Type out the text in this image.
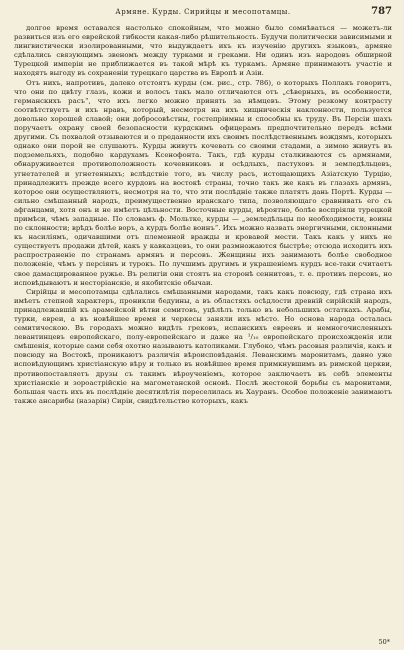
Армяне. Курды. Сирийцы и месопотамцы.	787

долгое время оставался настолько спокойным, что можно было сомнѣваться — можетъ-ли развиться изъ его еврейской гибкости какая-либо рѣшительность. Будучи политически зависимыми и лингвистически изолированными, что выдуждаетъ ихъ къ изученію другихъ языковъ, армяне сдѣлались связующимъ звеномъ между турками и греками. Ни одинъ изъ народовъ обширной Турецкой имперіи не приближается въ такой мѣрѣ къ туркамъ. Армяне принимаютъ участіе и находятъ выгоду въ сохраненіи турецкаго царства въ Европѣ и Азіи.

Отъ нихъ, напротивъ, далеко отстоятъ курды (см. рис., стр. 786), о которыхъ Поллакъ говоритъ, что они по цвѣту глазъ, кожи и волосъ такъ мало отличаются отъ „сѣверныхъ, въ особенности, германскихъ расъ“, что ихъ легко можно принять за нѣмцевъ. Этому резкому контрасту соотвѣтствуетъ и ихъ нравъ, который, несмотря на ихъ хищническія наклонности, пользуется довольно хорошей славой; они добросовѣстны, гостепріимны и способны къ труду. Въ Персіи шахъ поручаетъ охрану своей безопасности курдскимъ офицерамъ предпочтительно передъ всѣми другими. Съ похвалой отзываются и о преданности ихъ своимъ послѣдственнымъ вождямъ, которыхъ однако они порой не слушаютъ. Курды живутъ кочевать со своими стадами, а зимою живутъ въ подземельяхъ, подобно кардухамъ Ксенофонта. Такъ, гдѣ курды сталкиваются съ армянами, обнаруживается противоположность кочевниковъ и осѣдлыхъ, пастуховъ и земледѣльцевъ, угнетателей и угнетенныхъ; вслѣдствіе того, въ числу расъ, истощающихъ Азіатскую Турцію, принадлежитъ прежде всего курдовъ на востокѣ страны, точно такъ же какъ въ глазахъ армянъ, которое они осуществляютъ, несмотря на то, что эти послѣдніе также платятъ дань Портѣ. Курды — сильно смѣшанный народъ, преимущественно иранскаго типа, позволяющаго сравнивать его съ афганцами, хотя онъ и не имѣетъ цѣльности. Восточные курды, вѣроятно, болѣе воспріяли турецкой примѣси, чѣмъ западные. По словамъ ф. Мольтке, курды — „земледѣльцы по необходимости, воины по склонности; врѣдъ болѣе воръ, а курдъ болѣе воинъ“. Ихъ можно назвать энергичными, склонными къ насиліямъ, одичавшими отъ племенной вражды и кровавой мести. Такъ какъ у нихъ не существуетъ продажи дѣтей, какъ у кавказцевъ, то они размножаются быстрѣе; отсюда исходитъ ихъ распространеніе по странамъ армянъ и персовъ. Женщины ихъ занимаютъ болѣе свободное положеніе, чѣмъ у персіянъ и турокъ. По лучшимъ другимъ и украшеніемъ курдъ все-таки считаетъ свое дамасцированное ружье. Въ религіи они стоятъ на сторонѣ сеннитовъ, т. е. противъ персовъ, но исповѣдываютъ и несторіанскіе, и якобитскіе обычаи.

Сирійцы и месопотамцы сдѣлались смѣшанными народами, такъ какъ повсюду, гдѣ страна ихъ имѣетъ степной характеръ, проникли бедуины, а въ областяхъ осѣдлости древній сирійскій народъ, принадлежавшій къ арамейской вѣтви семитовъ, уцѣлѣлъ только въ небольшихъ остаткахъ. Арабы, турки, евреи, а въ новѣйшее время и черкесы заняли ихъ мѣсто. Но основа народа осталась семитическою. Въ городахъ можно видѣть грековъ, испанскихъ евреевъ и немногочисленныхъ левантинцевъ европейскаго, полу-европейскаго и даже на ¹/₁₀ европейскаго происхожденія или смѣшенія, которые сами себя охотно называютъ католиками. Глубоко, чѣмъ расовыя различія, какъ и повсюду на Востокѣ, проникаютъ различія вѣроисповѣданія. Леванскимъ маронитамъ, давно уже исповѣдующимъ христіанскую вѣру и только въ новѣйшее время примкнувшимъ въ римской церкви, противопоставляетъ друзы съ такимъ вѣроученіемъ, которое заключаетъ въ себѣ элементы христіанскіе и зороастрійскіе на магометанской основѣ. Послѣ жестокой борьбы съ маронитами, большая часть ихъ въ послѣдніе десятилѣтія переселилась въ Хауранъ. Особое положеніе занимаютъ также ансарибы (назарін) Сиріи, свидѣтельство которыхъ, какъ

50*
